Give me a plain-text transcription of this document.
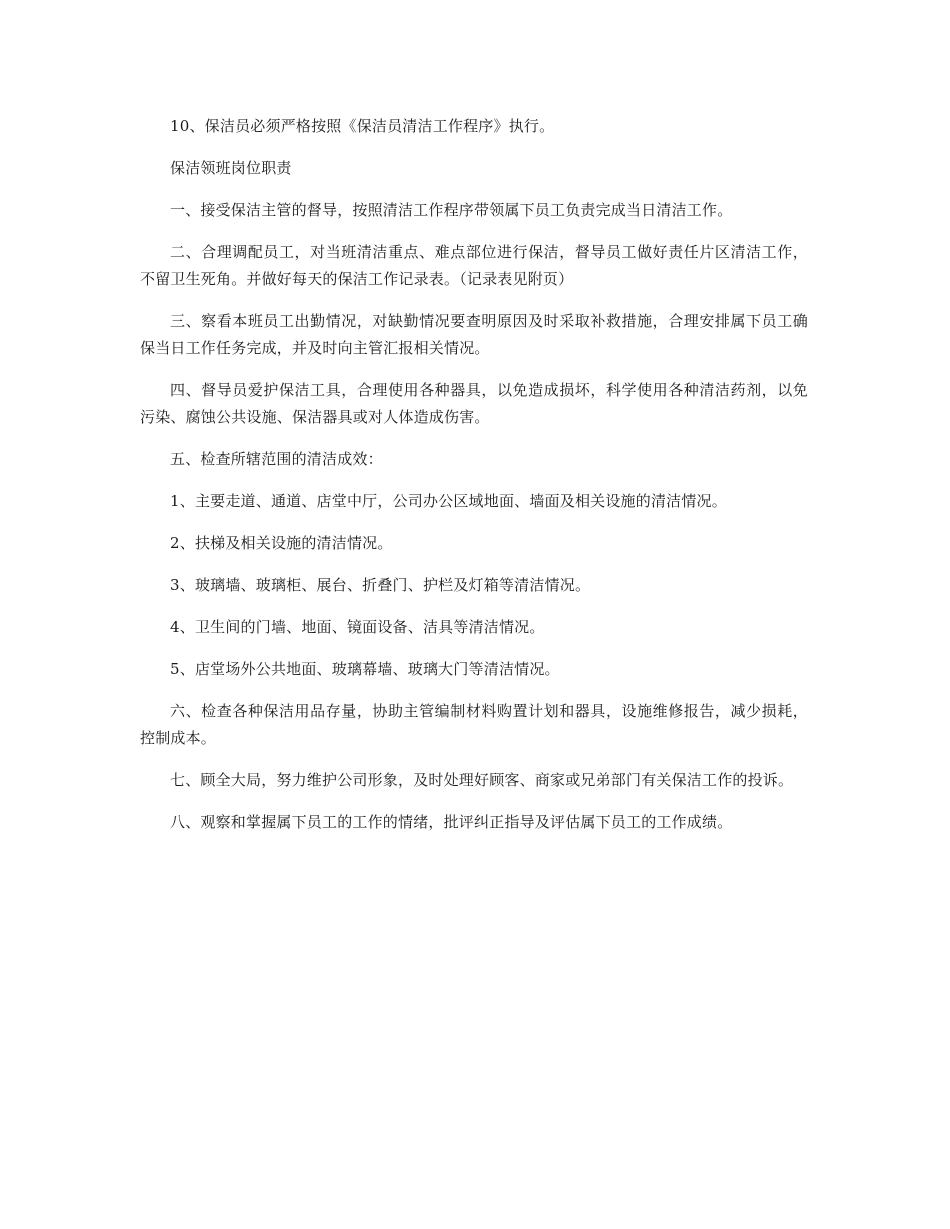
10、保洁员必须严格按照《保洁员清洁工作程序》执行。

保洁领班岗位职责

一、接受保洁主管的督导，按照清洁工作程序带领属下员工负责完成当日清洁工作。

二、合理调配员工，对当班清洁重点、难点部位进行保洁，督导员工做好责任片区清洁工作，不留卫生死角。并做好每天的保洁工作记录表。（记录表见附页）

三、察看本班员工出勤情况，对缺勤情况要查明原因及时采取补救措施，合理安排属下员工确保当日工作任务完成，并及时向主管汇报相关情况。

四、督导员爱护保洁工具，合理使用各种器具，以免造成损坏，科学使用各种清洁药剂，以免污染、腐蚀公共设施、保洁器具或对人体造成伤害。

五、检查所辖范围的清洁成效：

1、主要走道、通道、店堂中厅，公司办公区域地面、墙面及相关设施的清洁情况。

2、扶梯及相关设施的清洁情况。

3、玻璃墙、玻璃柜、展台、折叠门、护栏及灯箱等清洁情况。

4、卫生间的门墙、地面、镜面设备、洁具等清洁情况。

5、店堂场外公共地面、玻璃幕墙、玻璃大门等清洁情况。

六、检查各种保洁用品存量，协助主管编制材料购置计划和器具，设施维修报告，减少损耗，控制成本。

七、顾全大局，努力维护公司形象，及时处理好顾客、商家或兄弟部门有关保洁工作的投诉。

八、观察和掌握属下员工的工作的情绪，批评纠正指导及评估属下员工的工作成绩。
